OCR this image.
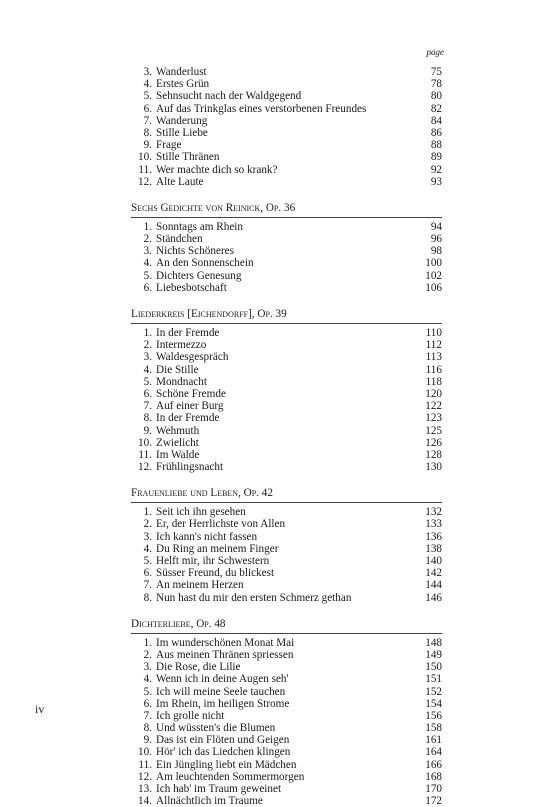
page
3. Wanderlust	75
4. Erstes Grün	78
5. Sehnsucht nach der Waldgegend	80
6. Auf das Trinkglas eines verstorbenen Freundes	82
7. Wanderung	84
8. Stille Liebe	86
9. Frage	88
10. Stille Thränen	89
11. Wer machte dich so krank?	92
12. Alte Laute	93
Sechs Gedichte von Reinick, Op. 36
1. Sonntags am Rhein	94
2. Ständchen	96
3. Nichts Schöneres	98
4. An den Sonnenschein	100
5. Dichters Genesung	102
6. Liebesbotschaft	106
Liederkreis [Eichendorff], Op. 39
1. In der Fremde	110
2. Intermezzo	112
3. Waldesgespräch	113
4. Die Stille	116
5. Mondnacht	118
6. Schöne Fremde	120
7. Auf einer Burg	122
8. In der Fremde	123
9. Wehmuth	125
10. Zwielicht	126
11. Im Walde	128
12. Frühlingsnacht	130
Frauenliebe und Leben, Op. 42
1. Seit ich ihn gesehen	132
2. Er, der Herrlichste von Allen	133
3. Ich kann's nicht fassen	136
4. Du Ring an meinem Finger	138
5. Helft mir, ihr Schwestern	140
6. Süsser Freund, du blickest	142
7. An meinem Herzen	144
8. Nun hast du mir den ersten Schmerz gethan	146
Dichterliebe, Op. 48
1. Im wunderschönen Monat Mai	148
2. Aus meinen Thränen spriessen	149
3. Die Rose, die Lilie	150
4. Wenn ich in deine Augen seh'	151
5. Ich will meine Seele tauchen	152
6. Im Rhein, im heiligen Strome	154
7. Ich grolle nicht	156
8. Und wüssten's die Blumen	158
9. Das ist ein Flöten und Geigen	161
10. Hör' ich das Liedchen klingen	164
11. Ein Jüngling liebt ein Mädchen	166
12. Am leuchtenden Sommermorgen	168
13. Ich hab' im Traum geweinet	170
14. Allnächtlich im Traume	172
iv
